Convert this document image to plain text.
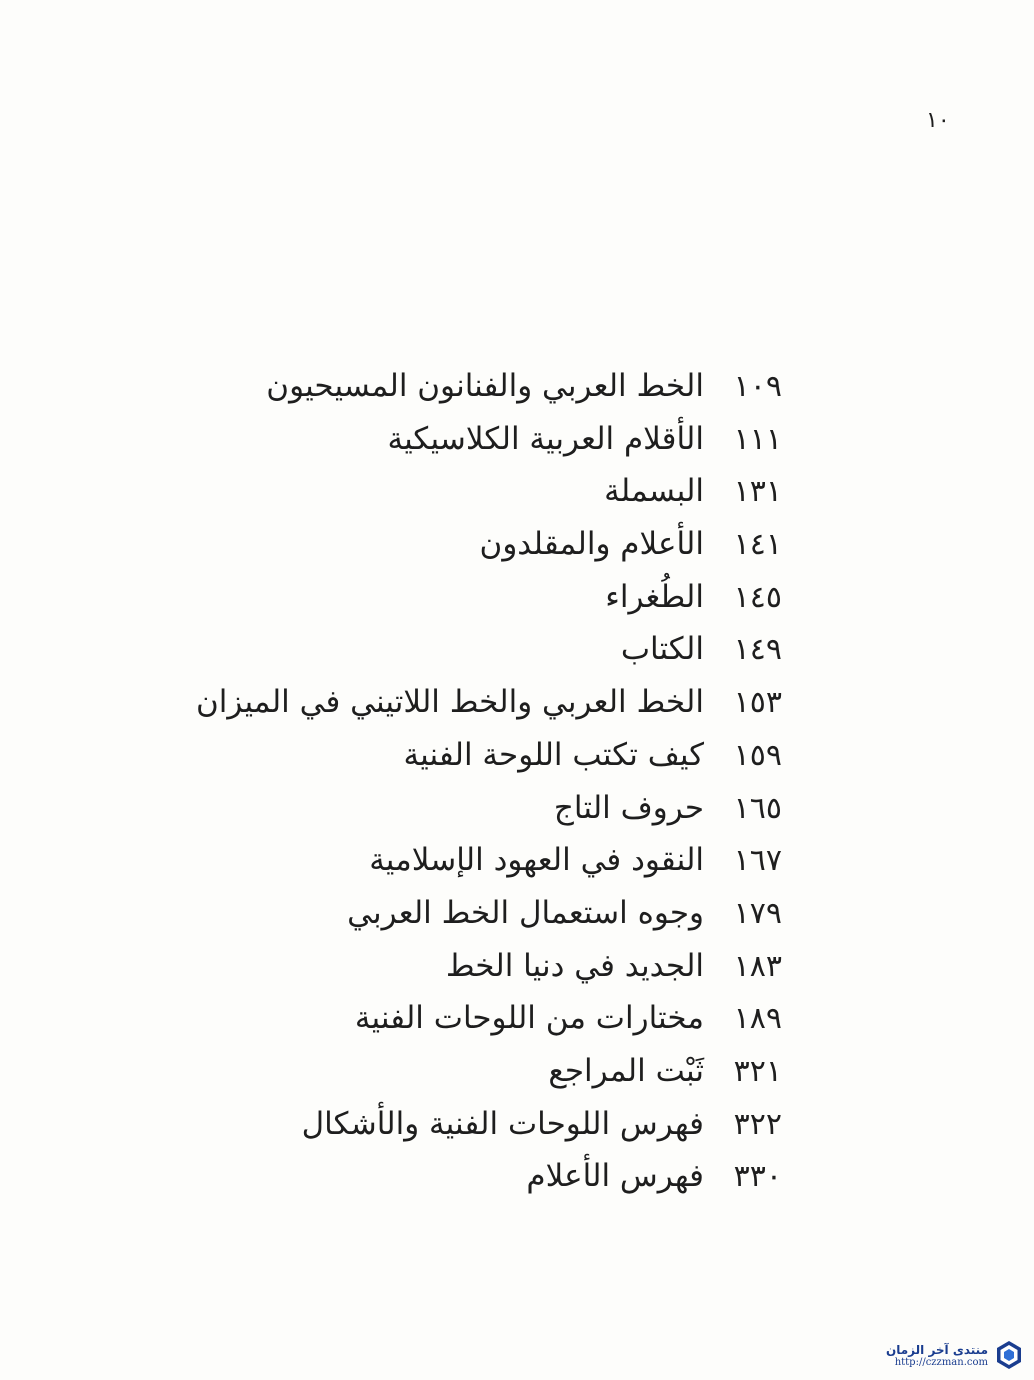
١٠
١٠٩
الخط العربي والفنانون المسيحيون
١١١
الأقلام العربية الكلاسيكية
١٣١
البسملة
١٤١
الأعلام والمقلدون
١٤٥
الطُغراء
١٤٩
الكتاب
١٥٣
الخط العربي والخط اللاتيني في الميزان
١٥٩
كيف تكتب اللوحة الفنية
١٦٥
حروف التاج
١٦٧
النقود في العهود الإسلامية
١٧٩
وجوه استعمال الخط العربي
١٨٣
الجديد في دنيا الخط
١٨٩
مختارات من اللوحات الفنية
٣٢١
ثَبْت المراجع
٣٢٢
فهرس اللوحات الفنية والأشكال
٣٣٠
فهرس الأعلام
منتدى آخر الزمان
http://czzman.com
